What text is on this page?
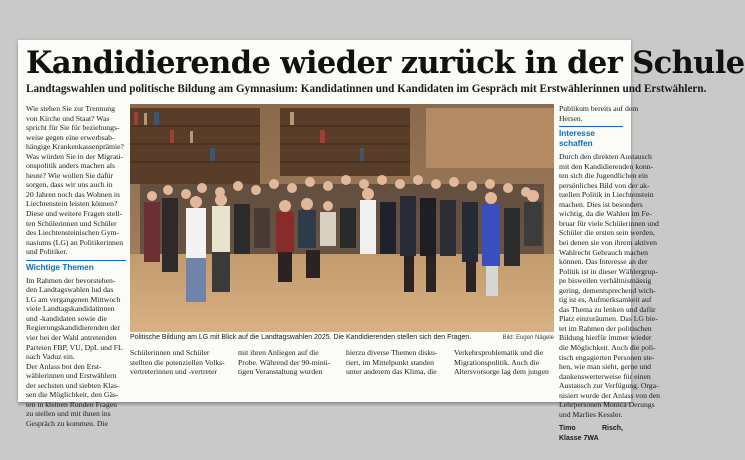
Kandidierende wieder zurück in der Schule
Landtagswahlen und politische Bildung am Gymnasium: Kandidatinnen und Kandidaten im Gespräch mit Erstwählerinnen und Erstwählern.
Wie stehen Sie zur Trennung
von Kirche und Staat? Was
spricht für Sie für beziehungs-
weise gegen eine erwerbsab-
hängige Krankenkassenprämie?
Was würden Sie in der Migrati-
onspolitik anders machen als
heute? Wie wollen Sie dafür
sorgen, dass wir uns auch in
20 Jahren noch das Wohnen in
Liechtenstein leisten können?
Diese und weitere Fragen stell-
ten Schülerinnen und Schüler
des Liechtensteinischen Gym-
nasiums (LG) an Politikerinnen
und Politiker.
Wichtige Themen
Im Rahmen der bevorstehen-
den Landtagswahlen lud das
LG am vergangenen Mittwoch
viele Landtagskandidatinnen
und -kandidaten sowie die
Regierungskandidierenden der
vier bei der Wahl antretenden
Parteien FBP, VU, DpL und FL
nach Vaduz ein.
Der Anlass bot den Erst-
wählerinnen und Erstwählern
der sechsten und siebten Klas-
sen die Möglichkeit, den Gäs-
ten in kleinen Runden Fragen
zu stellen und mit ihnen ins
Gespräch zu kommen. Die
Politische Bildung am LG mit Blick auf die Landtagswahlen 2025. Die Kandidierenden stellen sich den Fragen.	Bild: Eugen Nägele
Schülerinnen und Schüler
stellten die potenziellen Volks-
vertreterinnen und -vertreter
mit ihren Anliegen auf die
Probe. Während der 90-minü-
tigen Veranstaltung wurden
hierzu diverse Themen disku-
tiert, im Mittelpunkt standen
unter anderem das Klima, die
Verkehrsproblematik und die
Migrationspolitik. Auch die
Altersvorsorge lag dem jungen
Publikum bereits auf dem
Hersen.
Interesse schaffen
Durch den direkten Austausch
mit den Kandidierenden konn-
ten sich die Jugendlichen ein
persönliches Bild von der ak-
tuellen Politik in Liechtenstein
machen. Dies ist besonders
wichtig, da die Wahlen im Fe-
bruar für viele Schülerinnen und
Schüler die ersten sein werden,
bei denen sie von ihrem aktiven
Wahlrecht Gebrauch machen
können. Das Interesse an der
Politik ist in dieser Wählergrup-
pe bisweilen verhältnismässig
gering, dementsprechend wich-
tig ist es, Aufmerksamkeit auf
das Thema zu lenken und dafür
Platz einzuräumen. Das LG bie-
tet im Rahmen der politischen
Bildung hierfür immer wieder
die Möglichkeit. Auch die poli-
tisch engagierten Personen ste-
hen, wie man sieht, gerne und
dankenswerterweise für einen
Austausch zur Verfügung. Orga-
nisiert wurde der Anlass von den
Lehrpersonen Monica Derungs
und Marlies Kessler.
Timo Risch, Klasse 7WA
